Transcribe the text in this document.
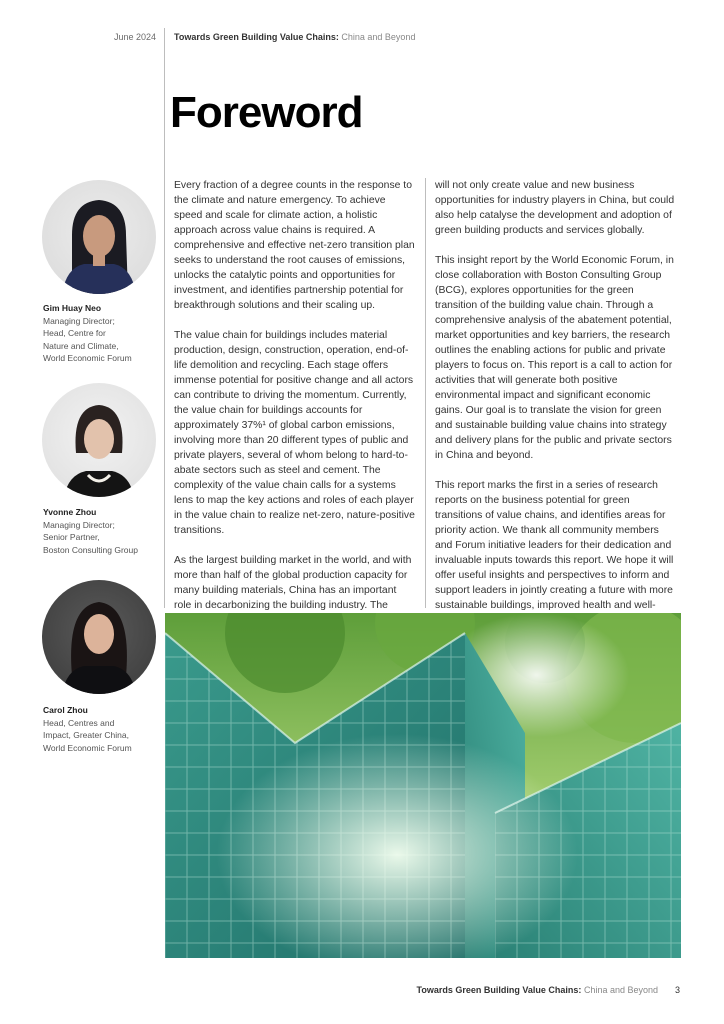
June 2024 Towards Green Building Value Chains: China and Beyond
Foreword
Gim Huay Neo
Managing Director;
Head, Centre for
Nature and Climate,
World Economic Forum
Yvonne Zhou
Managing Director;
Senior Partner,
Boston Consulting Group
Carol Zhou
Head, Centres and
Impact, Greater China,
World Economic Forum

Every fraction of a degree counts in the response to the climate and nature emergency. To achieve speed and scale for climate action, a holistic approach across value chains is required. A comprehensive and effective net-zero transition plan seeks to understand the root causes of emissions, unlocks the catalytic points and opportunities for investment, and identifies partnership potential for breakthrough solutions and their scaling up.

The value chain for buildings includes material production, design, construction, operation, end-of-life demolition and recycling. Each stage offers immense potential for positive change and all actors can contribute to driving the momentum. Currently, the value chain for buildings accounts for approximately 37%¹ of global carbon emissions, involving more than 20 different types of public and private players, several of whom belong to hard-to-abate sectors such as steel and cement. The complexity of the value chain calls for a systems lens to map the key actions and roles of each player in the value chain to realize net-zero, nature-positive transitions.

As the largest building market in the world, and with more than half of the global production capacity for many building materials, China has an important role in decarbonizing the building industry. The

will not only create value and new business opportunities for industry players in China, but could also help catalyse the development and adoption of green building products and services globally.

This insight report by the World Economic Forum, in close collaboration with Boston Consulting Group (BCG), explores opportunities for the green transition of the building value chain. Through a comprehensive analysis of the abatement potential, market opportunities and key barriers, the research outlines the enabling actions for public and private players to focus on. This report is a call to action for activities that will generate both positive environmental impact and significant economic gains. Our goal is to translate the vision for green and sustainable building value chains into strategy and delivery plans for the public and private sectors in China and beyond.

This report marks the first in a series of research reports on the business potential for green transitions of value chains, and identifies areas for priority action. We thank all community members and Forum initiative leaders for their dedication and invaluable inputs towards this report. We hope it will offer useful insights and perspectives to inform and support leaders in jointly creating a future with more sustainable buildings, improved health and well-

Towards Green Building Value Chains: China and Beyond 3
